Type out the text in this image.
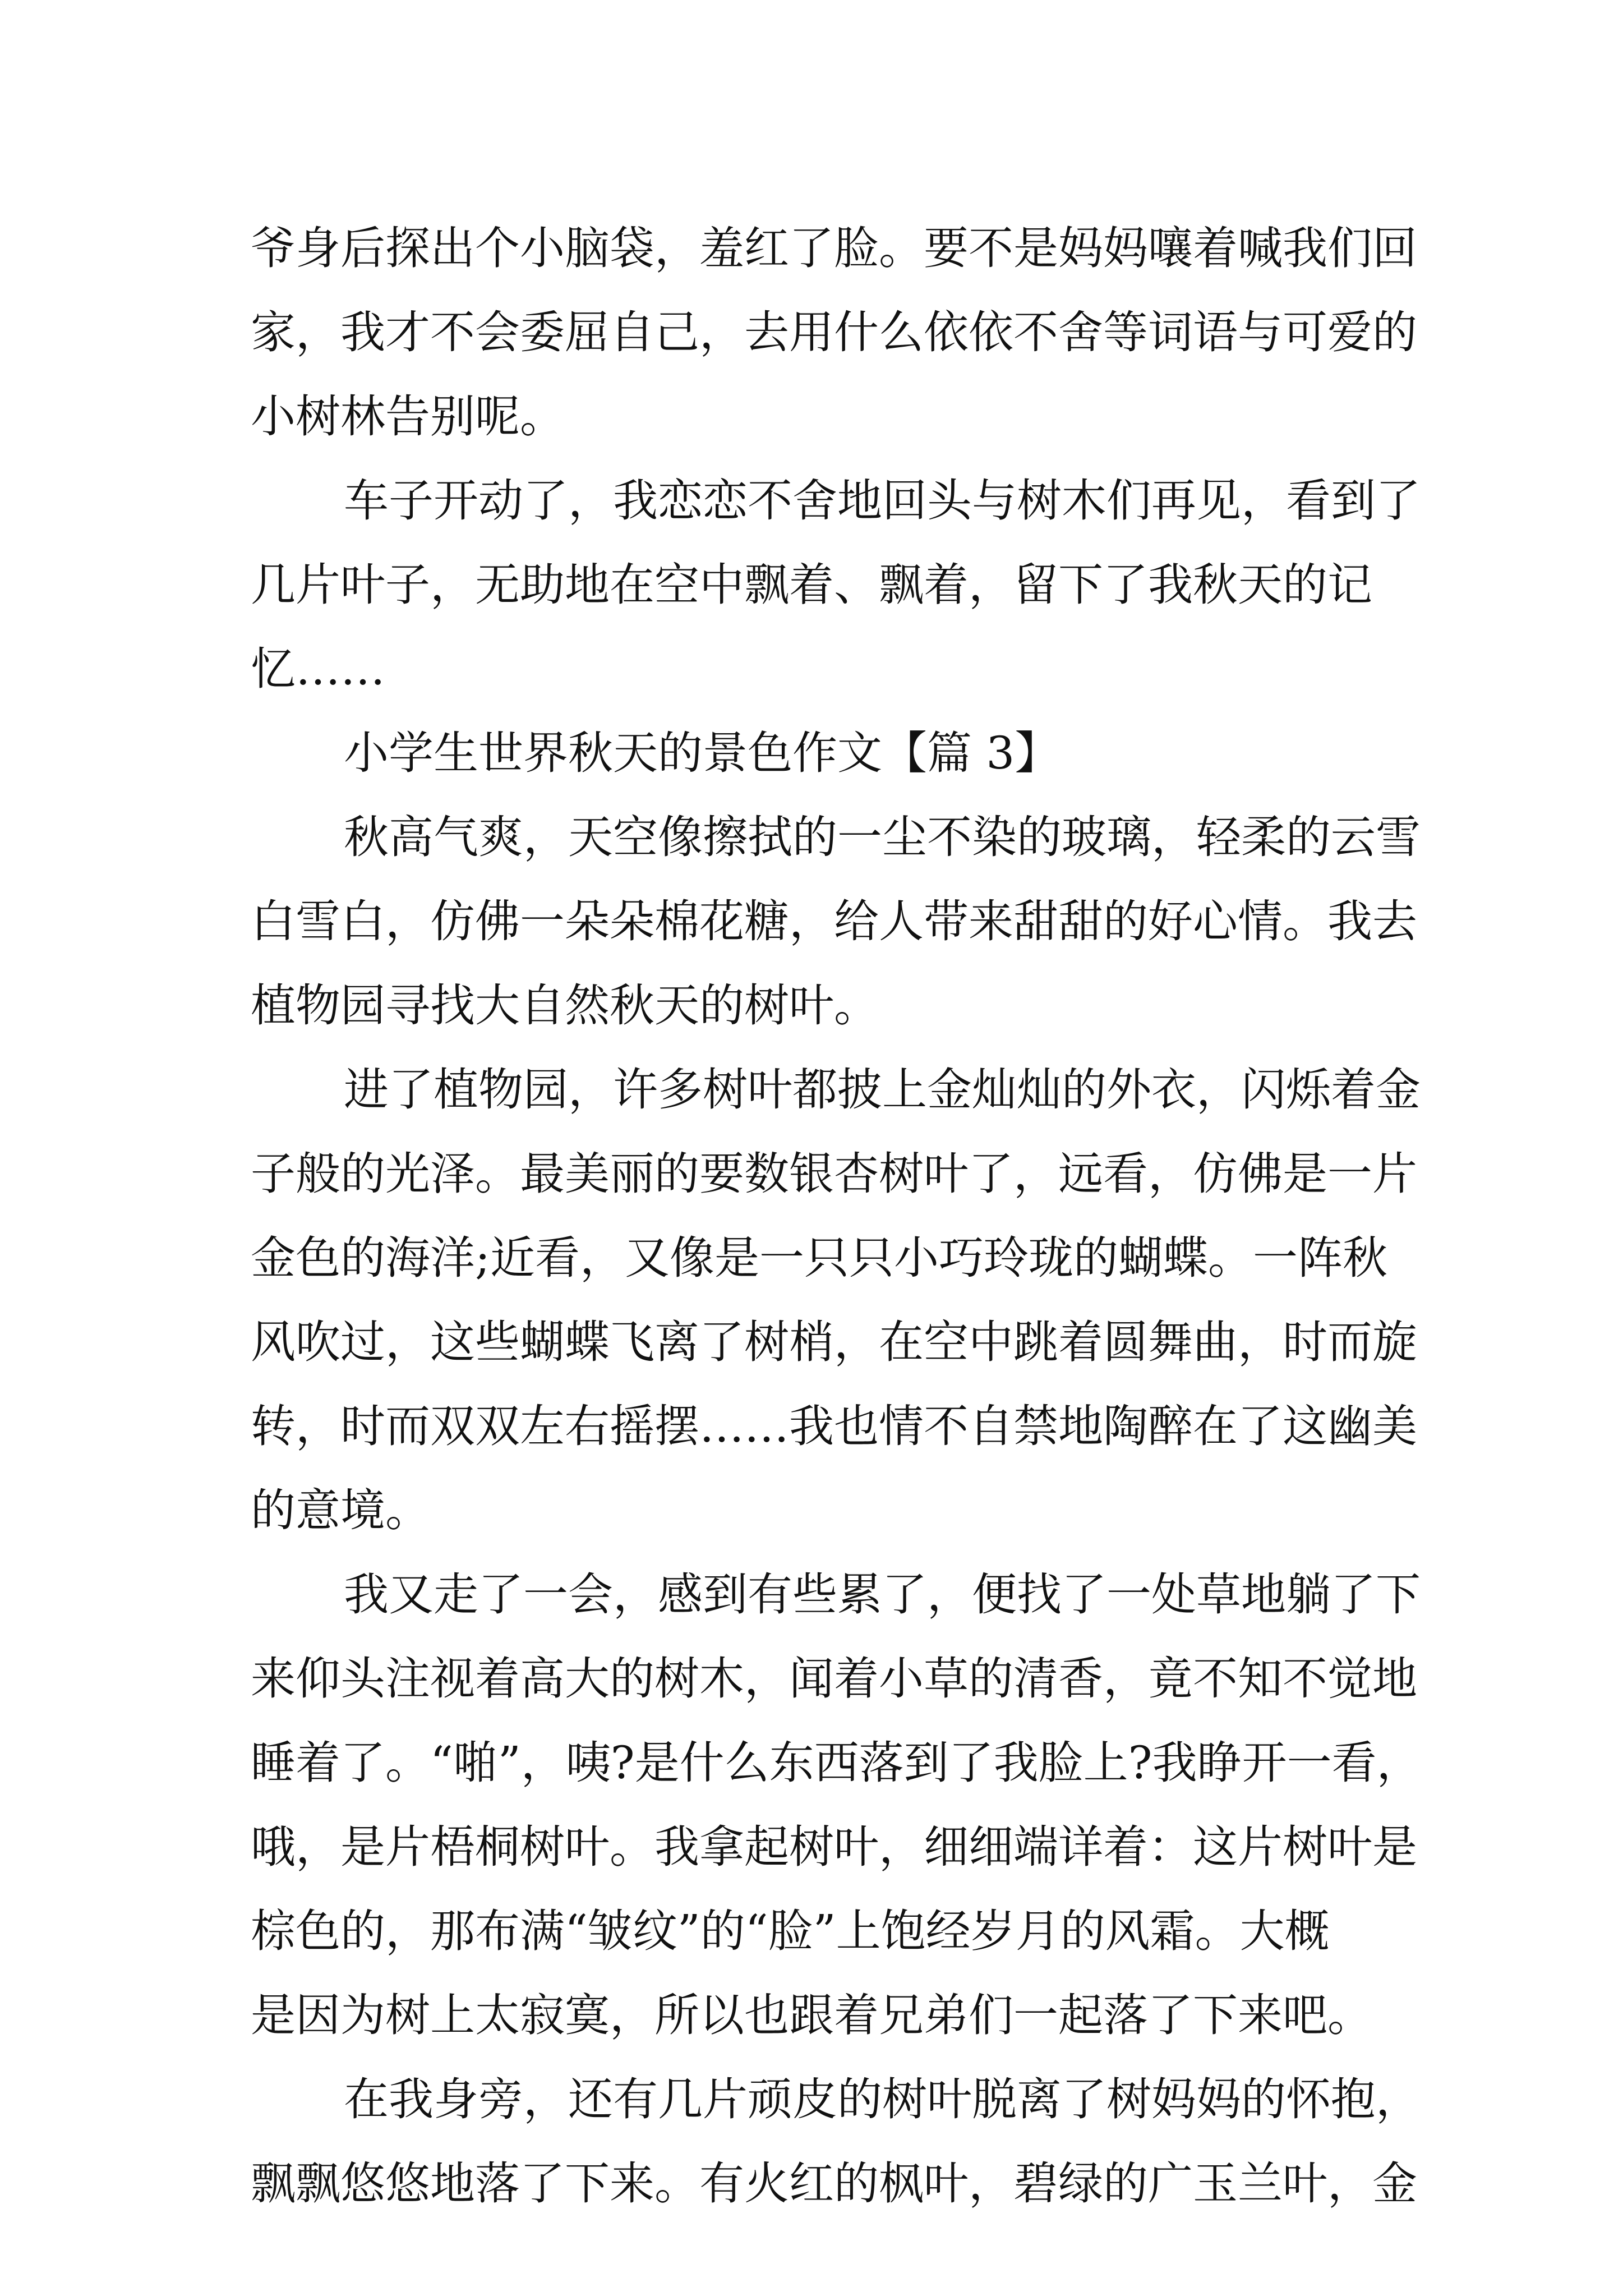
爷身后探出个小脑袋，羞红了脸。要不是妈妈嚷着喊我们回
家，我才不会委屈自己，去用什么依依不舍等词语与可爱的
小树林告别呢。
车子开动了，我恋恋不舍地回头与树木们再见，看到了
几片叶子，无助地在空中飘着、飘着，留下了我秋天的记
忆……
小学生世界秋天的景色作文【篇 3】
秋高气爽，天空像擦拭的一尘不染的玻璃，轻柔的云雪
白雪白，仿佛一朵朵棉花糖，给人带来甜甜的好心情。我去
植物园寻找大自然秋天的树叶。
进了植物园，许多树叶都披上金灿灿的外衣，闪烁着金
子般的光泽。最美丽的要数银杏树叶了，远看，仿佛是一片
金色的海洋;近看，又像是一只只小巧玲珑的蝴蝶。一阵秋
风吹过，这些蝴蝶飞离了树梢，在空中跳着圆舞曲，时而旋
转，时而双双左右摇摆……我也情不自禁地陶醉在了这幽美
的意境。
我又走了一会，感到有些累了，便找了一处草地躺了下
来仰头注视着高大的树木，闻着小草的清香，竟不知不觉地
睡着了。“啪”，咦?是什么东西落到了我脸上?我睁开一看，
哦，是片梧桐树叶。我拿起树叶，细细端详着：这片树叶是
棕色的，那布满“皱纹”的“脸”上饱经岁月的风霜。大概
是因为树上太寂寞，所以也跟着兄弟们一起落了下来吧。
在我身旁，还有几片顽皮的树叶脱离了树妈妈的怀抱，
飘飘悠悠地落了下来。有火红的枫叶，碧绿的广玉兰叶，金
